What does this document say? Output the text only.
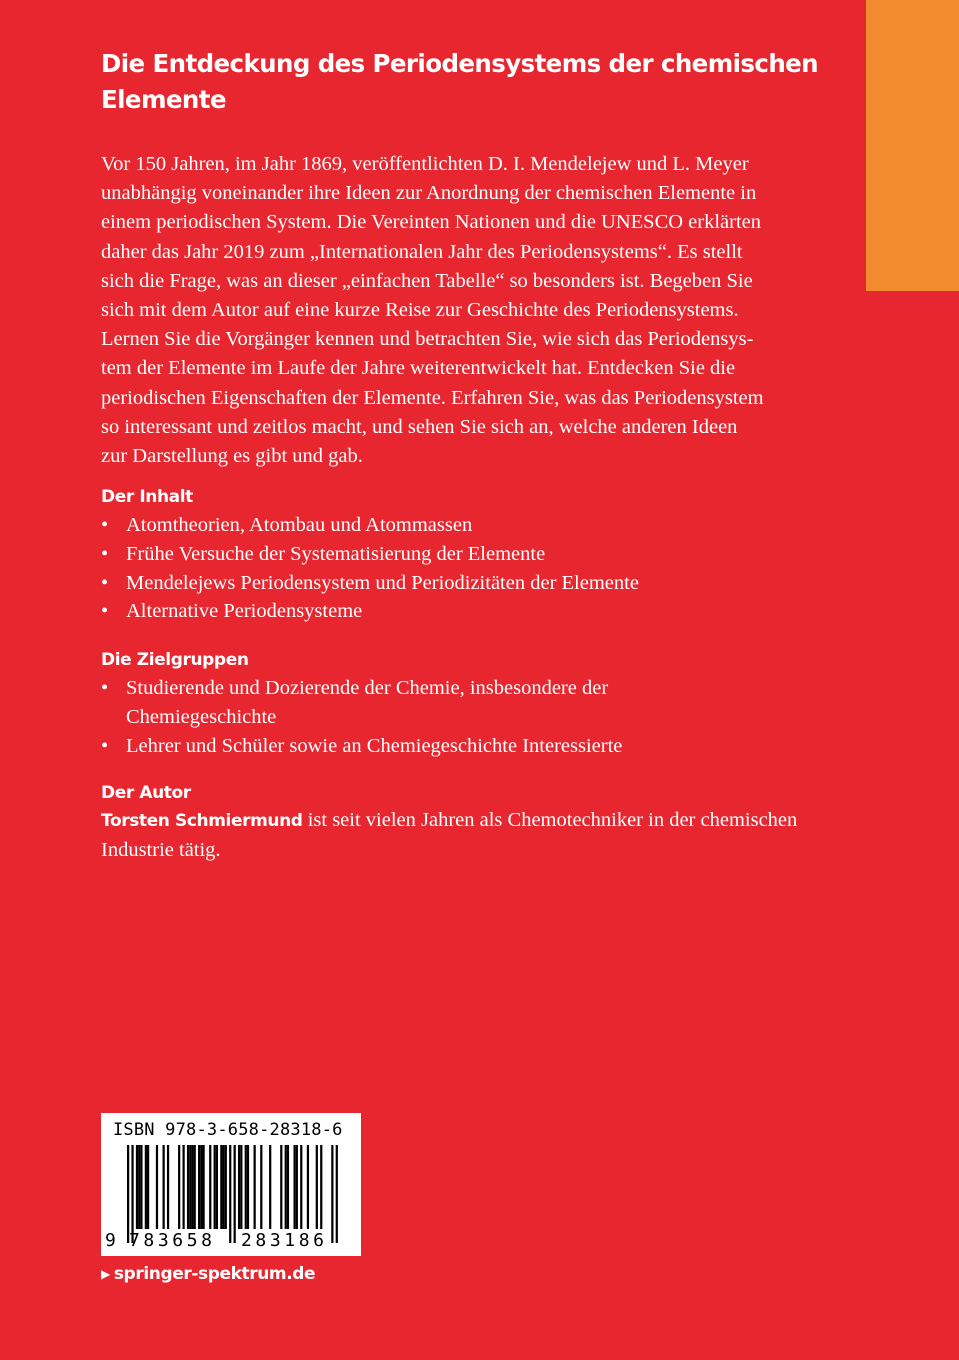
Die Entdeckung des Periodensystems der chemischen
Elemente
Vor 150 Jahren, im Jahr 1869, veröffentlichten D. I. Mendelejew und L. Meyer
unabhängig voneinander ihre Ideen zur Anordnung der chemischen Elemente in
einem periodischen System. Die Vereinten Nationen und die UNESCO erklärten
daher das Jahr 2019 zum „Internationalen Jahr des Periodensystems“. Es stellt
sich die Frage, was an dieser „einfachen Tabelle“ so besonders ist. Begeben Sie
sich mit dem Autor auf eine kurze Reise zur Geschichte des Periodensystems.
Lernen Sie die Vorgänger kennen und betrachten Sie, wie sich das Periodensys-
tem der Elemente im Laufe der Jahre weiterentwickelt hat. Entdecken Sie die
periodischen Eigenschaften der Elemente. Erfahren Sie, was das Periodensystem
so interessant und zeitlos macht, und sehen Sie sich an, welche anderen Ideen
zur Darstellung es gibt und gab.
Der Inhalt
• Atomtheorien, Atombau und Atommassen
• Frühe Versuche der Systematisierung der Elemente
• Mendelejews Periodensystem und Periodizitäten der Elemente
• Alternative Periodensysteme
Die Zielgruppen
• Studierende und Dozierende der Chemie, insbesondere der
Chemiegeschichte
• Lehrer und Schüler sowie an Chemiegeschichte Interessierte
Der Autor
Torsten Schmiermund ist seit vielen Jahren als Chemotechniker in der chemischen
Industrie tätig.
ISBN 978-3-658-28318-6
9 783658 283186
▶ springer-spektrum.de
